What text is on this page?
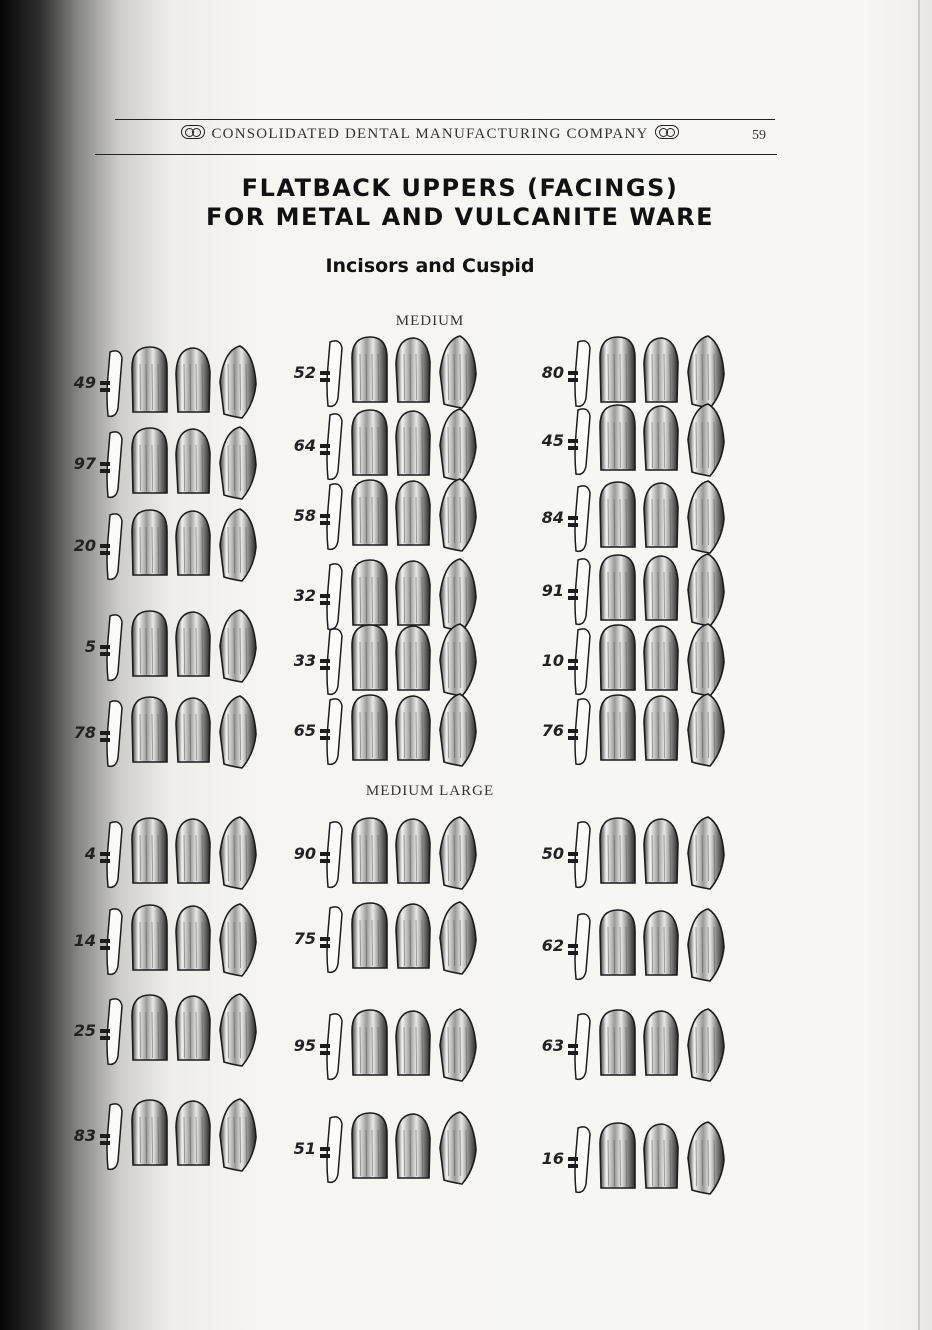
CONSOLIDATED DENTAL MANUFACTURING COMPANY	59
FLATBACK UPPERS (FACINGS)
FOR METAL AND VULCANITE WARE
Incisors and Cuspid
MEDIUM
MEDIUM LARGE
49
97
20
5
78
52
64
58
32
33
65
80
45
84
91
10
76
4
14
25
83
90
75
95
51
50
62
63
16
